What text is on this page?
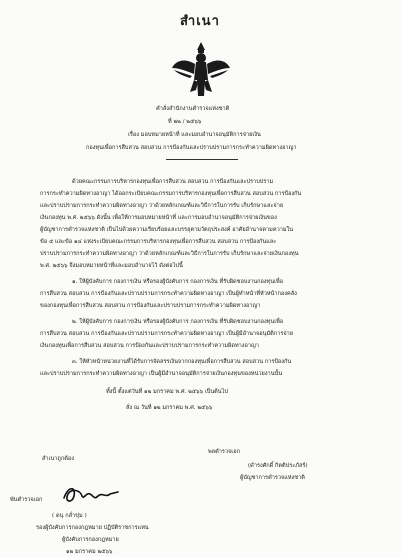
สำเนา
คำสั่งสำนักงานตำรวจแห่งชาติ
ที่ ๒๒ / ๒๕๖๖
เรื่อง มอบหมายหน้าที่ และมอบอำนาจอนุมัติการจ่ายเงิน
กองทุนเพื่อการสืบสวน สอบสวน การป้องกันและปราบปรามการกระทำความผิดทางอาญา
ด้วยคณะกรรมการบริหารกองทุนเพื่อการสืบสวน สอบสวน การป้องกันและปราบปราม
การกระทำความผิดทางอาญา ได้ออกระเบียบคณะกรรมการบริหารกองทุนเพื่อการสืบสวน สอบสวน การป้องกัน
และปราบปรามการกระทำความผิดทางอาญา ว่าด้วยหลักเกณฑ์และวิธีการในการรับ เก็บรักษาและจ่าย
เงินกองทุน พ.ศ. ๒๕๖๖ ดังนั้น เพื่อให้การมอบหมายหน้าที่ และการมอบอำนาจอนุมัติการจ่ายเงินของ
ผู้บัญชาการตำรวจแห่งชาติ เป็นไปด้วยความเรียบร้อยและบรรลุตามวัตถุประสงค์ อาศัยอำนาจตามความใน
ข้อ ๕ และข้อ ๑๔ แห่งระเบียบคณะกรรมการบริหารกองทุนเพื่อการสืบสวน สอบสวน การป้องกันและ
ปราบปรามการกระทำความผิดทางอาญา ว่าด้วยหลักเกณฑ์และวิธีการในการรับ เก็บรักษาและจ่ายเงินกองทุน
พ.ศ. ๒๕๖๖ จึงมอบหมายหน้าที่และมอบอำนาจไว้ ดังต่อไปนี้
๑. ให้ผู้บังคับการ กองการเงิน หรือรองผู้บังคับการ กองการเงิน ที่รับผิดชอบงานกองทุนเพื่อ
การสืบสวน สอบสวน การป้องกันและปราบปรามการกระทำความผิดทางอาญา เป็นผู้ทำหน้าที่หัวหน้ากองคลัง
ของกองทุนเพื่อการสืบสวน สอบสวน การป้องกันและปราบปรามการกระทำความผิดทางอาญา
๒. ให้ผู้บังคับการ กองการเงิน หรือรองผู้บังคับการ กองการเงิน ที่รับผิดชอบงานกองทุนเพื่อ
การสืบสวน สอบสวน การป้องกันและปราบปรามการกระทำความผิดทางอาญา เป็นผู้มีอำนาจอนุมัติการจ่าย
เงินกองทุนเพื่อการสืบสวน สอบสวน การป้องกันและปราบปรามการกระทำความผิดทางอาญา
๓. ให้หัวหน้าหน่วยงานที่ได้รับการจัดสรรเงินจากกองทุนเพื่อการสืบสวน สอบสวน การป้องกัน
และปราบปรามการกระทำความผิดทางอาญา เป็นผู้มีอำนาจอนุมัติการจ่ายเงินกองทุนของหน่วยงานนั้น
ทั้งนี้ ตั้งแต่วันที่ ๑๒ มกราคม พ.ศ. ๒๕๖๖ เป็นต้นไป
สั่ง ณ วันที่ ๑๒ มกราคม พ.ศ. ๒๕๖๖
พลตำรวจเอก
(ดำรงศักดิ์ กิตติประภัสร์)
ผู้บัญชาการตำรวจแห่งชาติ
สำเนาถูกต้อง
พันตำรวจเอก
( ดนุ กล่ำขุ่ม )
รองผู้บังคับการกองกฎหมาย ปฏิบัติราชการแทน
ผู้บังคับการกองกฎหมาย
๑๒ มกราคม ๒๕๖๖
